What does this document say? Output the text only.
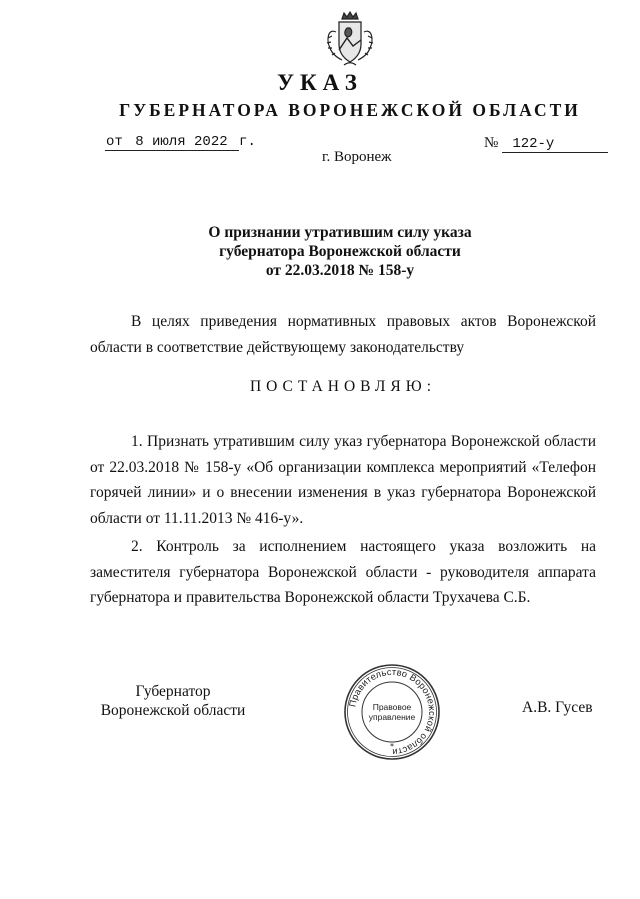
УКАЗ
ГУБЕРНАТОРА ВОРОНЕЖСКОЙ ОБЛАСТИ
от 8 июля 2022 г.	№ 122-у
г. Воронеж
О признании утратившим силу указа
губернатора Воронежской области
от 22.03.2018 № 158-у

В целях приведения нормативных правовых актов Воронежской области в соответствие действующему законодательству

ПОСТАНОВЛЯЮ:

1. Признать утратившим силу указ губернатора Воронежской области от 22.03.2018 № 158-у «Об организации комплекса мероприятий «Телефон горячей линии» и о внесении изменения в указ губернатора Воронежской области от 11.11.2013 № 416-у».

2. Контроль за исполнением настоящего указа возложить на заместителя губернатора Воронежской области - руководителя аппарата губернатора и правительства Воронежской области Трухачева С.Б.

Губернатор
Воронежской области	Правительство Воронежской области
Правовое
управление
*
А.В. Гусев
